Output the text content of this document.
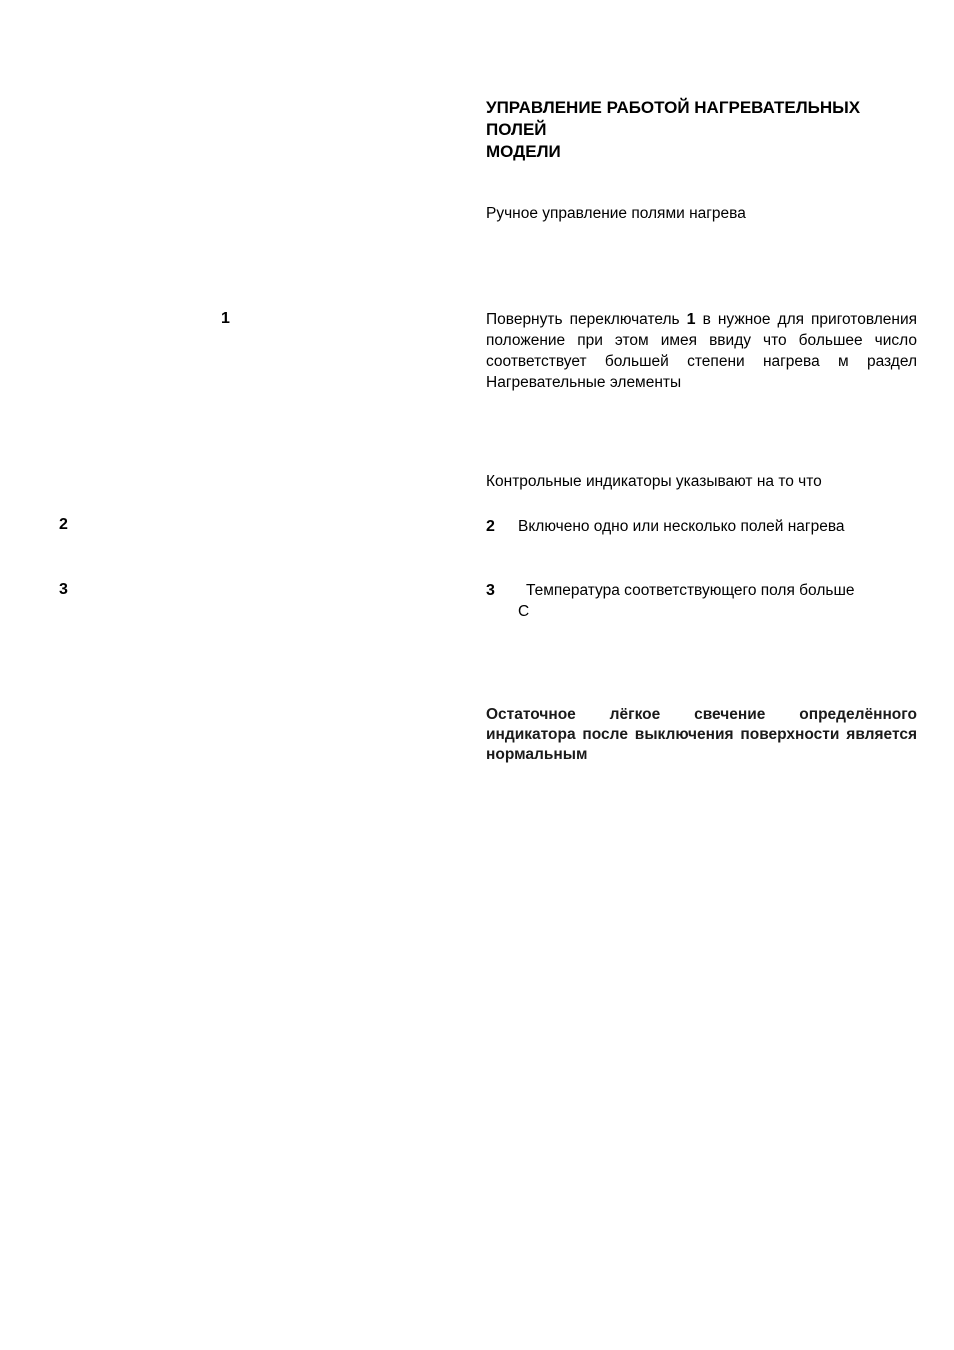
УПРАВЛЕНИЕ РАБОТОЙ НАГРЕВАТЕЛЬНЫХ
ПОЛЕЙ
МОДЕЛИ
Ручное управление полями нагрева
1
2
3
Повернуть переключатель 1 в нужное для приготовления положение при этом имея ввиду что большее число соответствует большей степени нагрева м раздел Нагревательные элементы
Контрольные индикаторы указывают на то что
2 Включено одно или несколько полей нагрева
3 Температура соответствующего поля больше
С
Остаточное лёгкое свечение определённого индикатора после выключения поверхности является нормальным
